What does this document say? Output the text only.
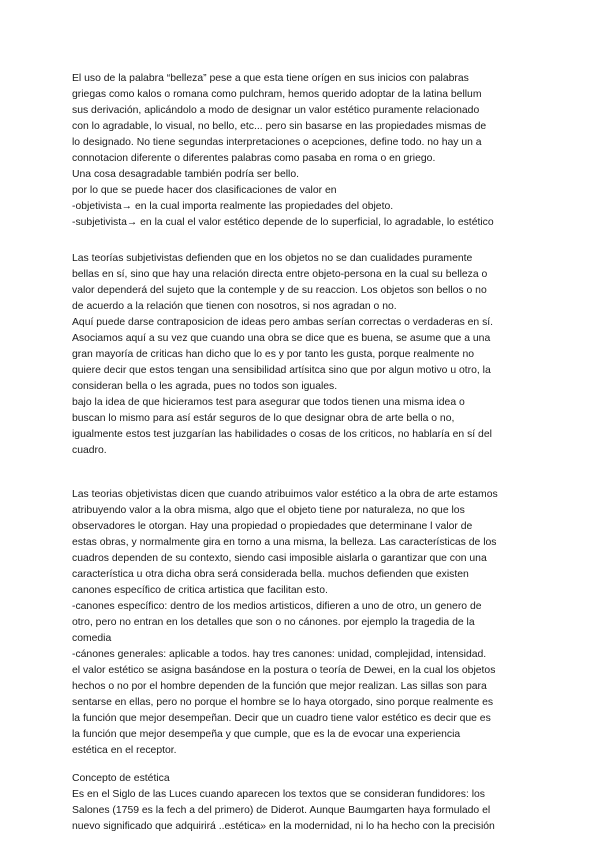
El uso de la palabra “belleza” pese a que esta tiene orígen en sus inicios con palabras
griegas como kalos o romana como pulchram, hemos querido adoptar de la latina bellum
sus derivación, aplicándolo a modo de designar un valor estético puramente relacionado
con lo agradable, lo visual, no bello, etc... pero sin basarse en las propiedades mismas de
lo designado. No tiene segundas interpretaciones o acepciones, define todo. no hay un a
connotacion diferente o diferentes palabras como pasaba en roma o en griego.
Una cosa desagradable también podría ser bello.
por lo que se puede hacer dos clasificaciones de valor en
-objetivista→ en la cual importa realmente las propiedades del objeto.
-subjetivista→ en la cual el valor estético depende de lo superficial, lo agradable, lo estético
Las teorías subjetivistas defienden que en los objetos no se dan cualidades puramente
bellas en sí, sino que hay una relación directa entre objeto-persona en la cual su belleza o
valor dependerá del sujeto que la contemple y de su reaccion. Los objetos son bellos o no
de acuerdo a la relación que tienen con nosotros, si nos agradan o no.
Aquí puede darse contraposicion de ideas pero ambas serían correctas o verdaderas en sí.
Asociamos aquí a su vez que cuando una obra se dice que es buena, se asume que a una
gran mayoría de criticas han dicho que lo es y por tanto les gusta, porque realmente no
quiere decir que estos tengan una sensibilidad artísitca sino que por algun motivo u otro, la
consideran bella o les agrada, pues no todos son iguales.
bajo la idea de que hicieramos test para asegurar que todos tienen una misma idea o
buscan lo mismo para así estár seguros de lo que designar obra de arte bella o no,
igualmente estos test juzgarían las habilidades o cosas de los criticos, no hablaría en sí del
cuadro.
Las teorias objetivistas dicen que cuando atribuimos valor estético a la obra de arte estamos
atribuyendo valor a la obra misma, algo que el objeto tiene por naturaleza, no que los
observadores le otorgan. Hay una propiedad o propiedades que determinane l valor de
estas obras, y normalmente gira en torno a una misma, la belleza. Las características de los
cuadros dependen de su contexto, siendo casi imposible aislarla o garantizar que con una
característica u otra dicha obra será considerada bella. muchos defienden que existen
canones específico de critica artistica que facilitan esto.
-canones específico: dentro de los medios artisticos, difieren a uno de otro, un genero de
otro, pero no entran en los detalles que son o no cánones. por ejemplo la tragedia de la
comedia
-cánones generales: aplicable a todos. hay tres canones: unidad, complejidad, intensidad.
el valor estético se asigna basándose en la postura o teoría de Dewei, en la cual los objetos
hechos o no por el hombre dependen de la función que mejor realizan. Las sillas son para
sentarse en ellas, pero no porque el hombre se lo haya otorgado, sino porque realmente es
la función que mejor desempeñan. Decir que un cuadro tiene valor estético es decir que es
la función que mejor desempeña y que cumple, que es la de evocar una experiencia
estética en el receptor.
Concepto de estética
Es en el Siglo de las Luces cuando aparecen los textos que se consideran fundidores: los
Salones (1759 es la fech a del primero) de Diderot. Aunque Baumgarten haya formulado el
nuevo significado que adquirirá ..estética» en la modernidad, ni lo ha hecho con la precisión
